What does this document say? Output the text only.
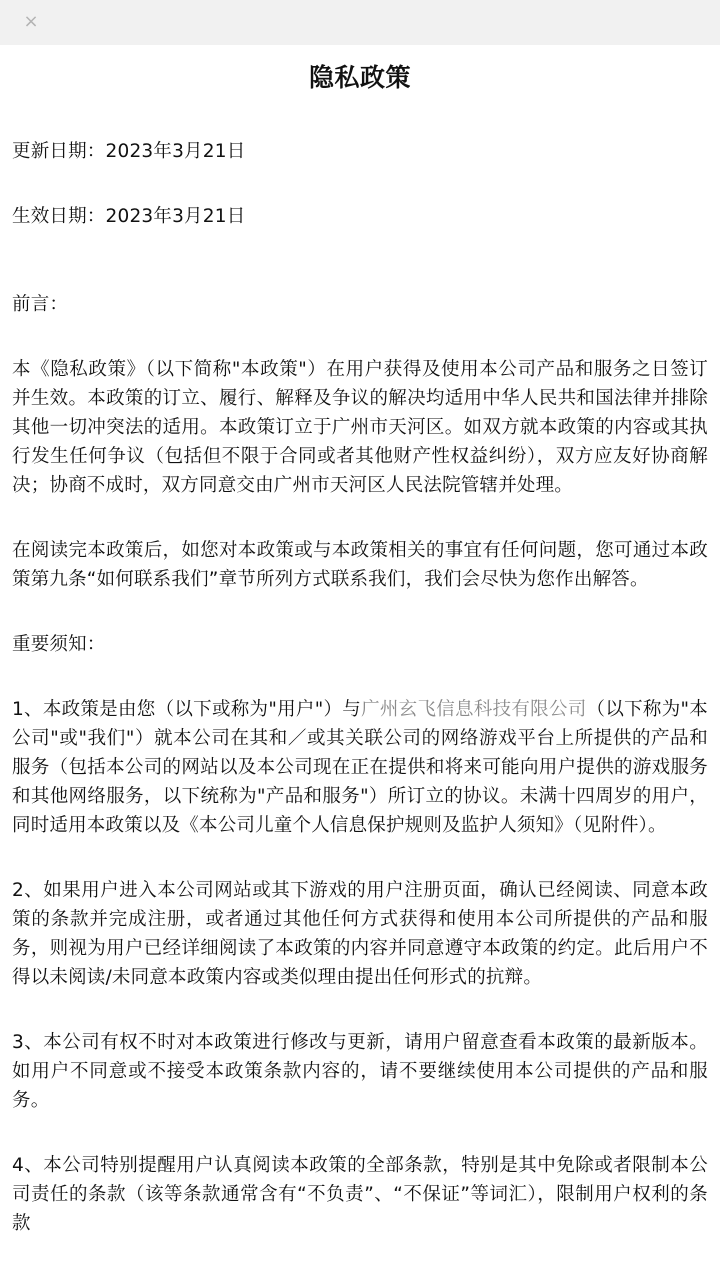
×
隐私政策

更新日期：2023年3月21日

生效日期：2023年3月21日

前言：

本《隐私政策》（以下简称"本政策"）在用户获得及使用本公司产品和服务之日签订并生效。本政策的订立、履行、解释及争议的解决均适用中华人民共和国法律并排除其他一切冲突法的适用。本政策订立于广州市天河区。如双方就本政策的内容或其执行发生任何争议（包括但不限于合同或者其他财产性权益纠纷），双方应友好协商解决；协商不成时，双方同意交由广州市天河区人民法院管辖并处理。

在阅读完本政策后，如您对本政策或与本政策相关的事宜有任何问题，您可通过本政策第九条“如何联系我们”章节所列方式联系我们，我们会尽快为您作出解答。

重要须知：

1、本政策是由您（以下或称为"用户"）与广州玄飞信息科技有限公司（以下称为"本公司"或"我们"）就本公司在其和／或其关联公司的网络游戏平台上所提供的产品和服务（包括本公司的网站以及本公司现在正在提供和将来可能向用户提供的游戏服务和其他网络服务，以下统称为"产品和服务"）所订立的协议。未满十四周岁的用户，同时适用本政策以及《本公司儿童个人信息保护规则及监护人须知》（见附件）。

2、如果用户进入本公司网站或其下游戏的用户注册页面，确认已经阅读、同意本政策的条款并完成注册，或者通过其他任何方式获得和使用本公司所提供的产品和服务，则视为用户已经详细阅读了本政策的内容并同意遵守本政策的约定。此后用户不得以未阅读/未同意本政策内容或类似理由提出任何形式的抗辩。

3、本公司有权不时对本政策进行修改与更新，请用户留意查看本政策的最新版本。如用户不同意或不接受本政策条款内容的，请不要继续使用本公司提供的产品和服务。

4、本公司特别提醒用户认真阅读本政策的全部条款，特别是其中免除或者限制本公司责任的条款（该等条款通常含有“不负责”、“不保证”等词汇），限制用户权利的条款
